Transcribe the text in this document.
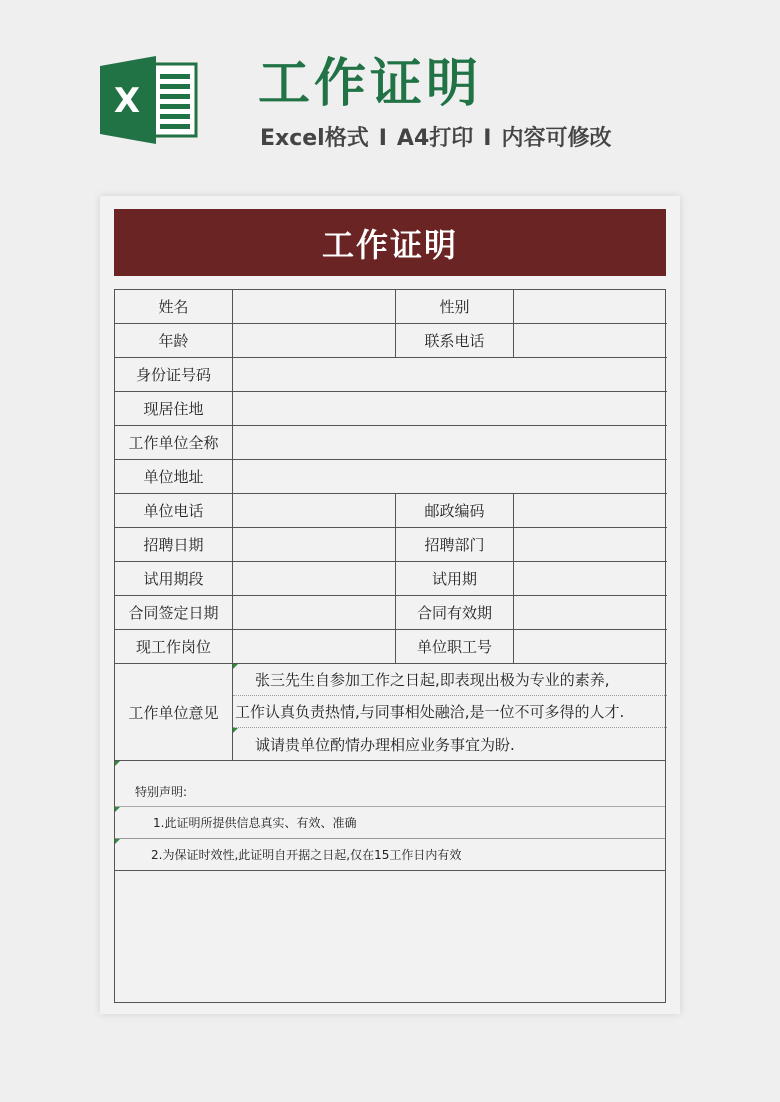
X 工作证明
Excel格式 I A4打印 I 内容可修改
工作证明
姓名	性别
年龄	联系电话
身份证号码
现居住地
工作单位全称
单位地址
单位电话	邮政编码
招聘日期	招聘部门
试用期段	试用期
合同签定日期	合同有效期
现工作岗位	单位职工号
工作单位意见
张三先生自参加工作之日起,即表现出极为专业的素养,
工作认真负责热情,与同事相处融洽,是一位不可多得的人才.
诚请贵单位酌情办理相应业务事宜为盼.
特别声明:
1.此证明所提供信息真实、有效、准确
2.为保证时效性,此证明自开据之日起,仅在15工作日内有效
